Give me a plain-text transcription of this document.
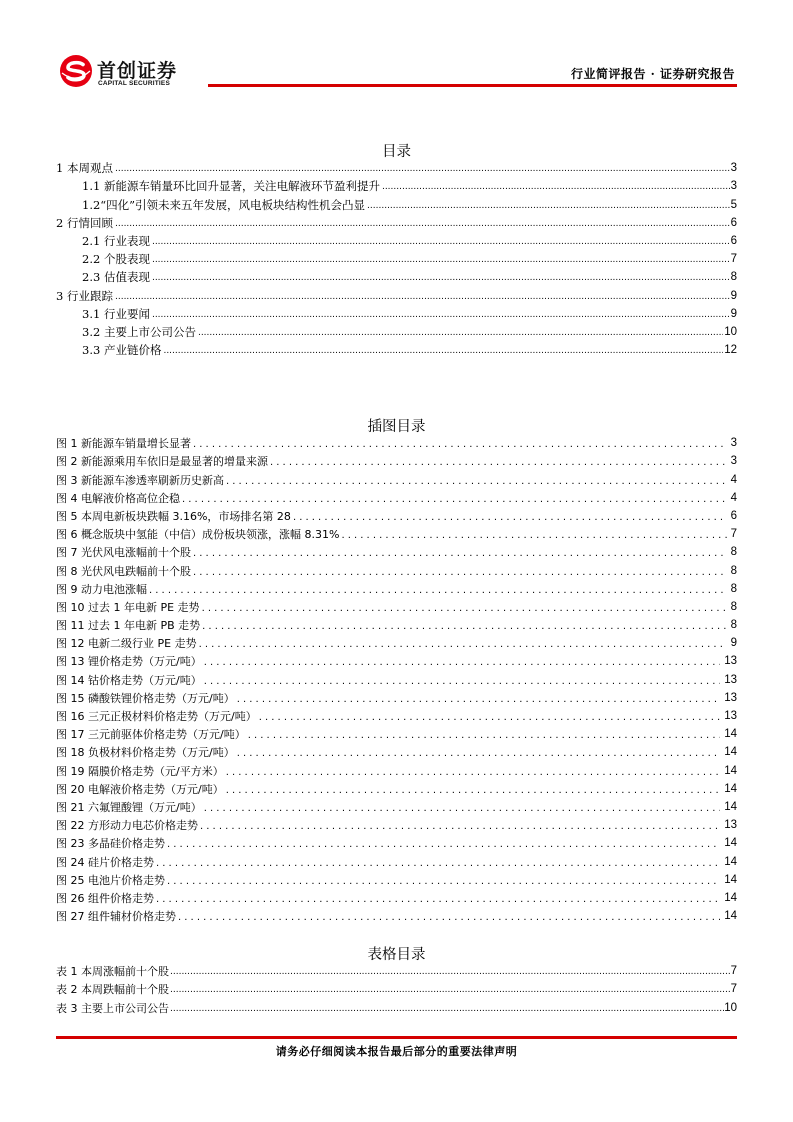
首创证券
CAPITAL SECURITIES
行业简评报告 · 证券研究报告
目录
1 本周观点 .....	3
1.1 新能源车销量环比回升显著，关注电解液环节盈利提升 .....	3
1.2“四化”引领未来五年发展，风电板块结构性机会凸显 .....	5
2 行情回顾 .....	6
2.1 行业表现 .....	6
2.2 个股表现 .....	7
2.3 估值表现 .....	8
3 行业跟踪 .....	9
3.1 行业要闻 .....	9
3.2 主要上市公司公告 .....	10
3.3 产业链价格 .....	12
插图目录
图 1 新能源车销量增长显著 .....	3
图 2 新能源乘用车依旧是最显著的增量来源 .....	3
图 3 新能源车渗透率刷新历史新高 .....	4
图 4 电解液价格高位企稳 .....	4
图 5 本周电新板块跌幅 3.16%，市场排名第 28 .....	6
图 6 概念版块中氢能（中信）成份板块领涨，涨幅 8.31% .....	7
图 7 光伏风电涨幅前十个股 .....	8
图 8 光伏风电跌幅前十个股 .....	8
图 9 动力电池涨幅 .....	8
图 10 过去 1 年电新 PE 走势 .....	8
图 11 过去 1 年电新 PB 走势 .....	8
图 12 电新二级行业 PE 走势 .....	9
图 13 锂价格走势（万元/吨） .....	13
图 14 钴价格走势（万元/吨） .....	13
图 15 磷酸铁锂价格走势（万元/吨） .....	13
图 16 三元正极材料价格走势（万元/吨） .....	13
图 17 三元前驱体价格走势（万元/吨） .....	14
图 18 负极材料价格走势（万元/吨） .....	14
图 19 隔膜价格走势（元/平方米） .....	14
图 20 电解液价格走势（万元/吨） .....	14
图 21 六氟锂酸锂（万元/吨） .....	14
图 22 方形动力电芯价格走势 .....	13
图 23 多晶硅价格走势 .....	14
图 24 硅片价格走势 .....	14
图 25 电池片价格走势 .....	14
图 26 组件价格走势 .....	14
图 27 组件辅材价格走势 .....	14
表格目录
表 1 本周涨幅前十个股 .....	7
表 2 本周跌幅前十个股 .....	7
表 3 主要上市公司公告 .....	10
请务必仔细阅读本报告最后部分的重要法律声明
